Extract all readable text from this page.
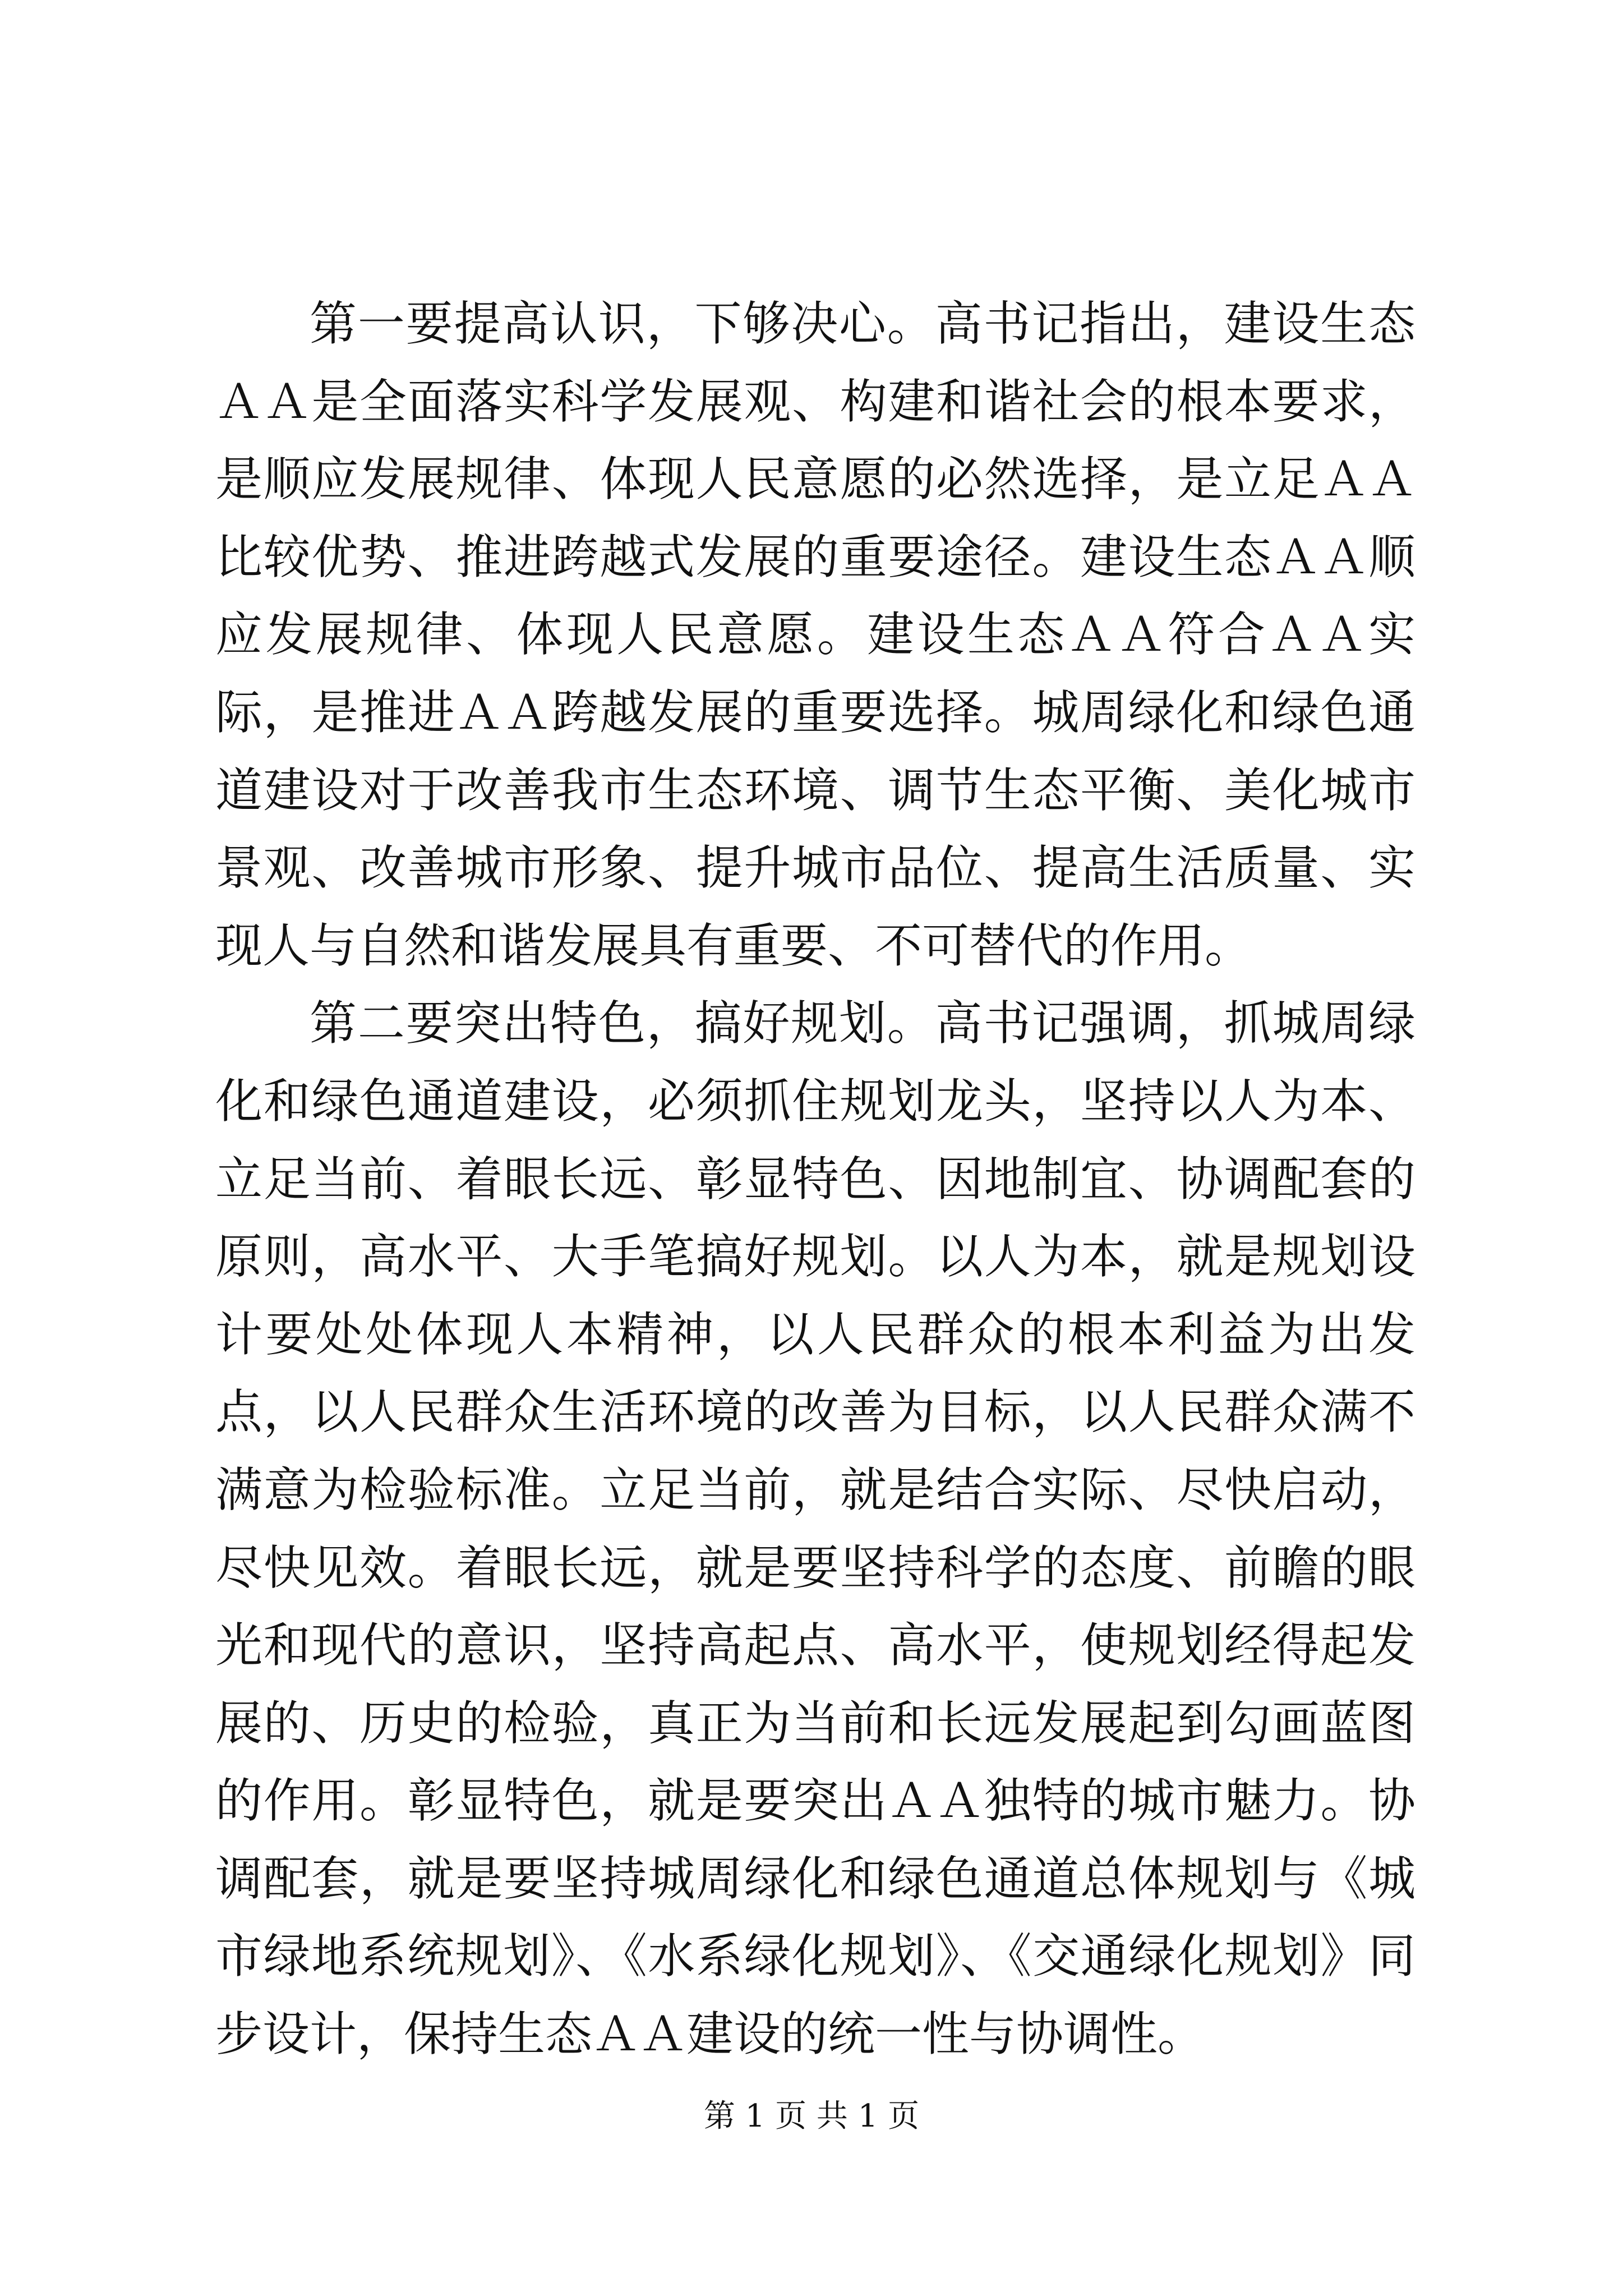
第一要提高认识，下够决心。高书记指出，建设生态ＡＡ是全面落实科学发展观、构建和谐社会的根本要求，是顺应发展规律、体现人民意愿的必然选择，是立足ＡＡ比较优势、推进跨越式发展的重要途径。建设生态ＡＡ顺应发展规律、体现人民意愿。建设生态ＡＡ符合ＡＡ实际，是推进ＡＡ跨越发展的重要选择。城周绿化和绿色通道建设对于改善我市生态环境、调节生态平衡、美化城市景观、改善城市形象、提升城市品位、提高生活质量、实现人与自然和谐发展具有重要、不可替代的作用。

第二要突出特色，搞好规划。高书记强调，抓城周绿化和绿色通道建设，必须抓住规划龙头，坚持以人为本、立足当前、着眼长远、彰显特色、因地制宜、协调配套的原则，高水平、大手笔搞好规划。以人为本，就是规划设计要处处体现人本精神，以人民群众的根本利益为出发点，以人民群众生活环境的改善为目标，以人民群众满不满意为检验标准。立足当前，就是结合实际、尽快启动，尽快见效。着眼长远，就是要坚持科学的态度、前瞻的眼光和现代的意识，坚持高起点、高水平，使规划经得起发展的、历史的检验，真正为当前和长远发展起到勾画蓝图的作用。彰显特色，就是要突出ＡＡ独特的城市魅力。协调配套，就是要坚持城周绿化和绿色通道总体规划与《城市绿地系统规划》、《水系绿化规划》、《交通绿化规划》同步设计，保持生态ＡＡ建设的统一性与协调性。

第 1 页 共 1 页
